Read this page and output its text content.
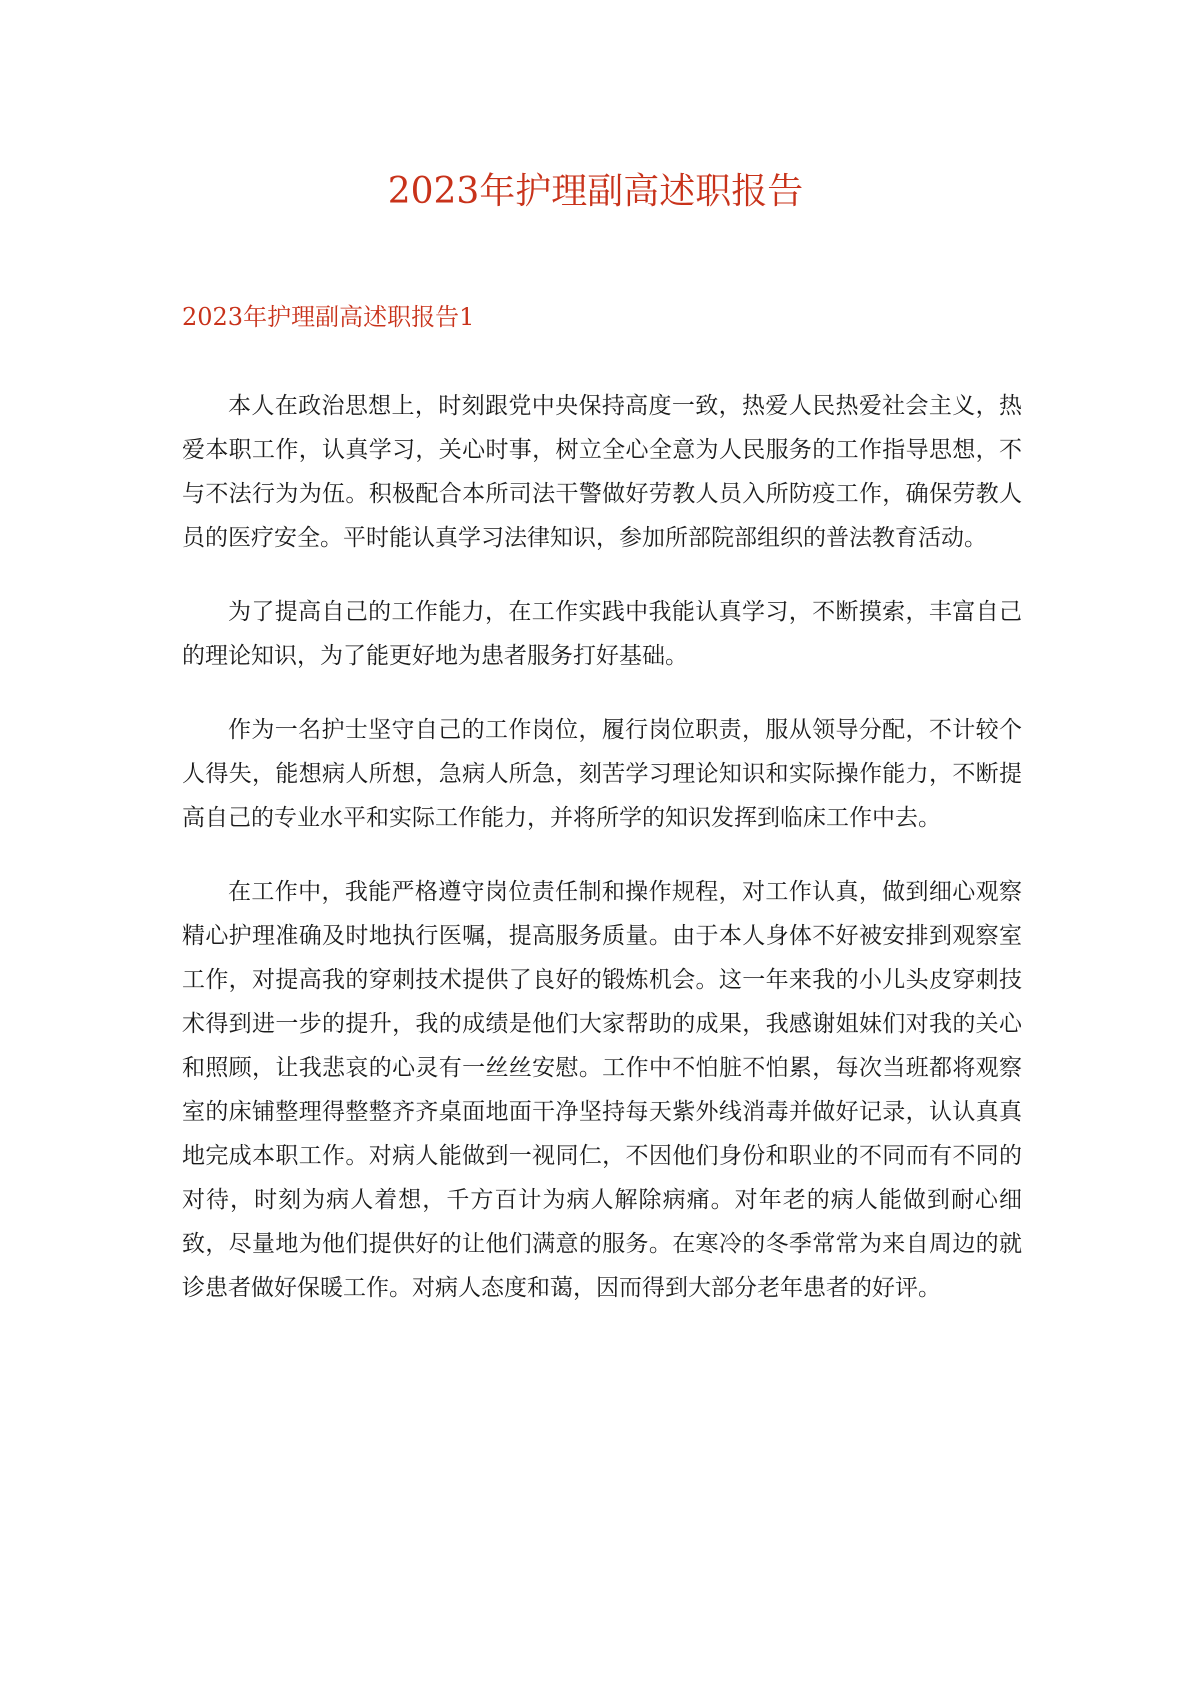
2023年护理副高述职报告
2023年护理副高述职报告1

本人在政治思想上，时刻跟党中央保持高度一致，热爱人民热爱社会主义，热爱本职工作，认真学习，关心时事，树立全心全意为人民服务的工作指导思想，不与不法行为为伍。积极配合本所司法干警做好劳教人员入所防疫工作，确保劳教人员的医疗安全。平时能认真学习法律知识，参加所部院部组织的普法教育活动。

为了提高自己的工作能力，在工作实践中我能认真学习，不断摸索，丰富自己的理论知识，为了能更好地为患者服务打好基础。

作为一名护士坚守自己的工作岗位，履行岗位职责，服从领导分配，不计较个人得失，能想病人所想，急病人所急，刻苦学习理论知识和实际操作能力，不断提高自己的专业水平和实际工作能力，并将所学的知识发挥到临床工作中去。

在工作中，我能严格遵守岗位责任制和操作规程，对工作认真，做到细心观察精心护理准确及时地执行医嘱，提高服务质量。由于本人身体不好被安排到观察室工作，对提高我的穿刺技术提供了良好的锻炼机会。这一年来我的小儿头皮穿刺技术得到进一步的提升，我的成绩是他们大家帮助的成果，我感谢姐妹们对我的关心和照顾，让我悲哀的心灵有一丝丝安慰。工作中不怕脏不怕累，每次当班都将观察室的床铺整理得整整齐齐桌面地面干净坚持每天紫外线消毒并做好记录，认认真真地完成本职工作。对病人能做到一视同仁，不因他们身份和职业的不同而有不同的对待，时刻为病人着想，千方百计为病人解除病痛。对年老的病人能做到耐心细致，尽量地为他们提供好的让他们满意的服务。在寒冷的冬季常常为来自周边的就诊患者做好保暖工作。对病人态度和蔼，因而得到大部分老年患者的好评。
